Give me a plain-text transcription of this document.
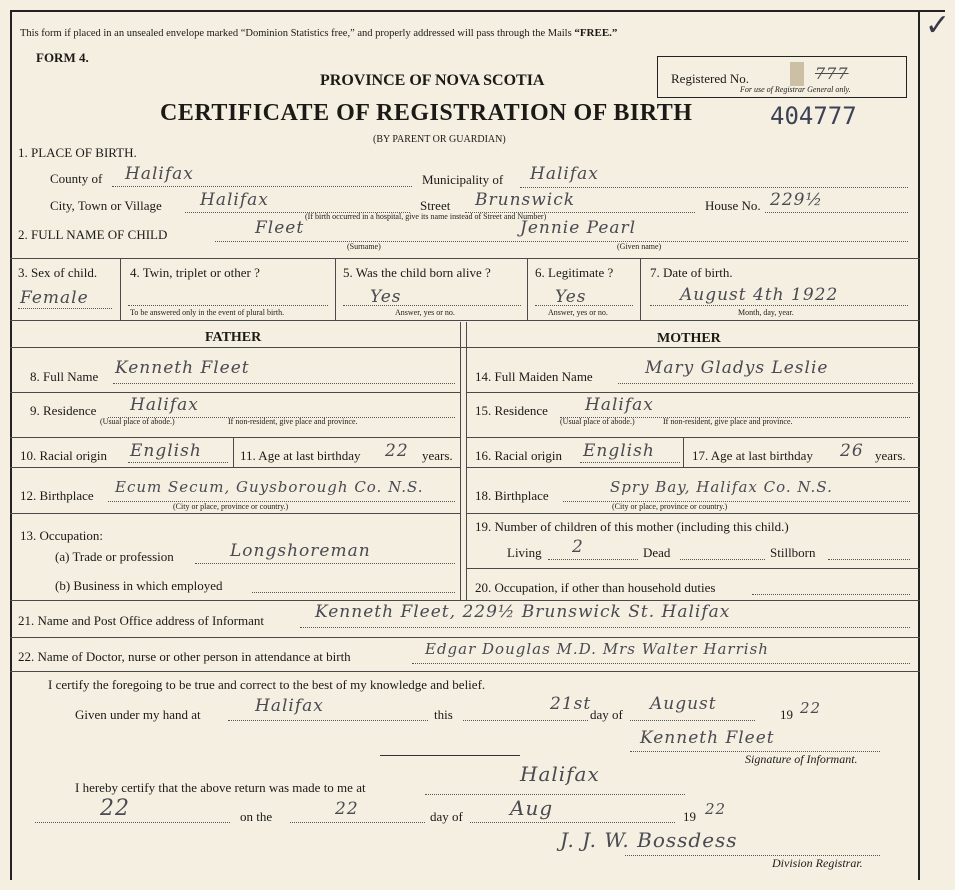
This form if placed in an unsealed envelope marked “Dominion Statistics free,” and properly addressed will pass through the Mails “FREE.”
FORM 4.
PROVINCE OF NOVA SCOTIA
CERTIFICATE OF REGISTRATION OF BIRTH
(BY PARENT OR GUARDIAN)
Registered No.	777
For use of Registrar General only.
404777
1. PLACE OF BIRTH.
County of Halifax	Municipality of Halifax
City, Town or Village Halifax	Street Brunswick	House No. 229½
(If birth occurred in a hospital, give its name instead of Street and Number)
2. FULL NAME OF CHILD	Fleet
(Surname)
Jennie Pearl
(Given name)
3. Sex of child.
Female
4. Twin, triplet or other ?
To be answered only in the event of plural birth.
5. Was the child born alive ?
Yes
Answer, yes or no.
6. Legitimate ?
Yes
Answer, yes or no.
7. Date of birth.
August 4th 1922
Month, day, year.
FATHER	MOTHER
8. Full Name Kenneth Fleet
9. Residence Halifax
(Usual place of abode.)	If non-resident, give place and province.
10. Racial origin English	11. Age at last birthday 22 years.
12. Birthplace Ecum Secum, Guysborough Co. N.S.
(City or place, province or country.)
13. Occupation:
(a) Trade or profession	Longshoreman
(b) Business in which employed
14. Full Maiden Name	Mary Gladys Leslie
15. Residence Halifax
(Usual place of abode.)	If non-resident, give place and province.
16. Racial origin English	17. Age at last birthday 26 years.
18. Birthplace	Spry Bay, Halifax Co. N.S.
(City or place, province or country.)
19. Number of children of this mother (including this child.)
Living 2	Dead	Stillborn
20. Occupation, if other than household duties
21. Name and Post Office address of Informant	Kenneth Fleet, 229½ Brunswick St. Halifax
22. Name of Doctor, nurse or other person in attendance at birth	Edgar Douglas M.D. Mrs Walter Harrish
I certify the foregoing to be true and correct to the best of my knowledge and belief.
Given under my hand at	Halifax	this
21st
day of
August
19 22
Kenneth Fleet
Signature of Informant.
I hereby certify that the above return was made to me at
Halifax
22	on the	22	day of Aug	19 22
J. J. W. Bossdess
Division Registrar.
✓
